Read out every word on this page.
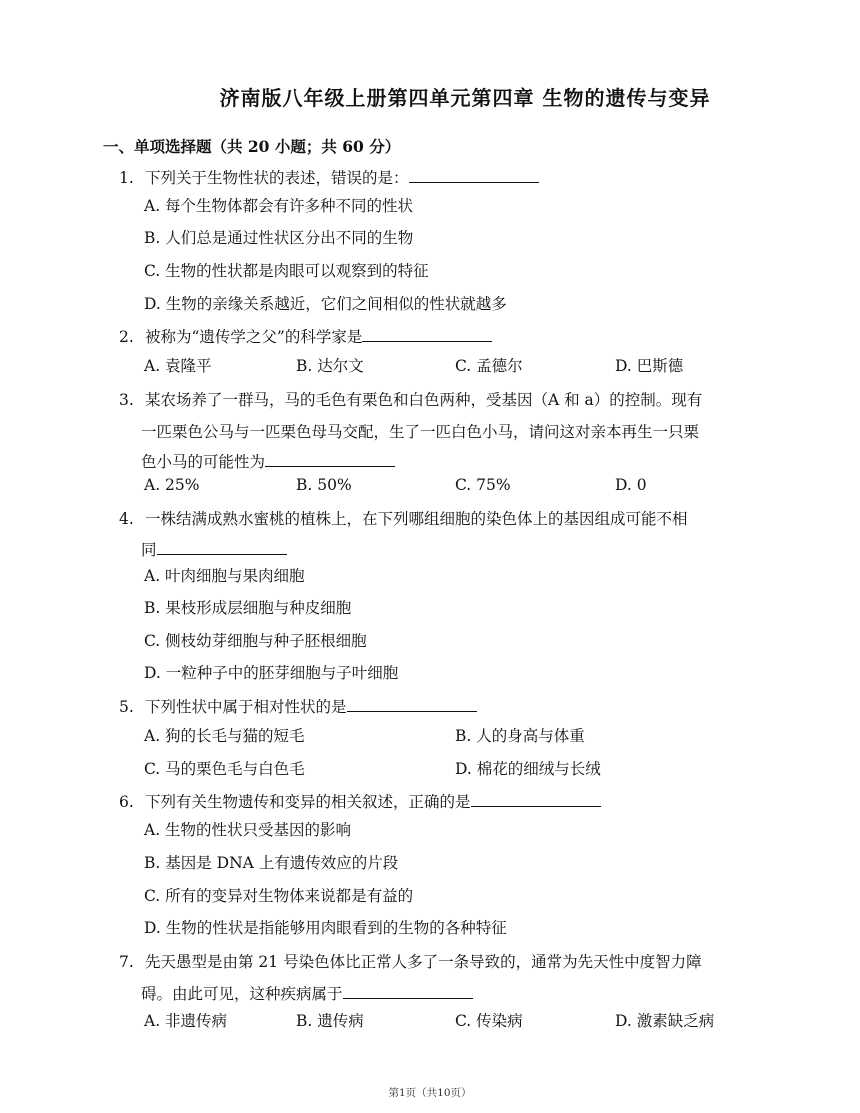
济南版八年级上册第四单元第四章 生物的遗传与变异
一、单项选择题（共 20 小题；共 60 分）
1. 下列关于生物性状的表述，错误的是：
A. 每个生物体都会有许多种不同的性状
B. 人们总是通过性状区分出不同的生物
C. 生物的性状都是肉眼可以观察到的特征
D. 生物的亲缘关系越近，它们之间相似的性状就越多
2. 被称为“遗传学之父”的科学家是
A. 袁隆平	B. 达尔文	C. 孟德尔	D. 巴斯德
3. 某农场养了一群马，马的毛色有栗色和白色两种，受基因（A 和 a）的控制。现有
一匹栗色公马与一匹栗色母马交配，生了一匹白色小马，请问这对亲本再生一只栗
色小马的可能性为
A. 25%	B. 50%	C. 75%	D. 0
4. 一株结满成熟水蜜桃的植株上，在下列哪组细胞的染色体上的基因组成可能不相
同
A. 叶肉细胞与果肉细胞
B. 果枝形成层细胞与种皮细胞
C. 侧枝幼芽细胞与种子胚根细胞
D. 一粒种子中的胚芽细胞与子叶细胞
5. 下列性状中属于相对性状的是
A. 狗的长毛与猫的短毛	B. 人的身高与体重
C. 马的栗色毛与白色毛	D. 棉花的细绒与长绒
6. 下列有关生物遗传和变异的相关叙述，正确的是
A. 生物的性状只受基因的影响
B. 基因是 DNA 上有遗传效应的片段
C. 所有的变异对生物体来说都是有益的
D. 生物的性状是指能够用肉眼看到的生物的各种特征
7. 先天愚型是由第 21 号染色体比正常人多了一条导致的，通常为先天性中度智力障
碍。由此可见，这种疾病属于
A. 非遗传病	B. 遗传病	C. 传染病	D. 激素缺乏病
第1页（共10页）
